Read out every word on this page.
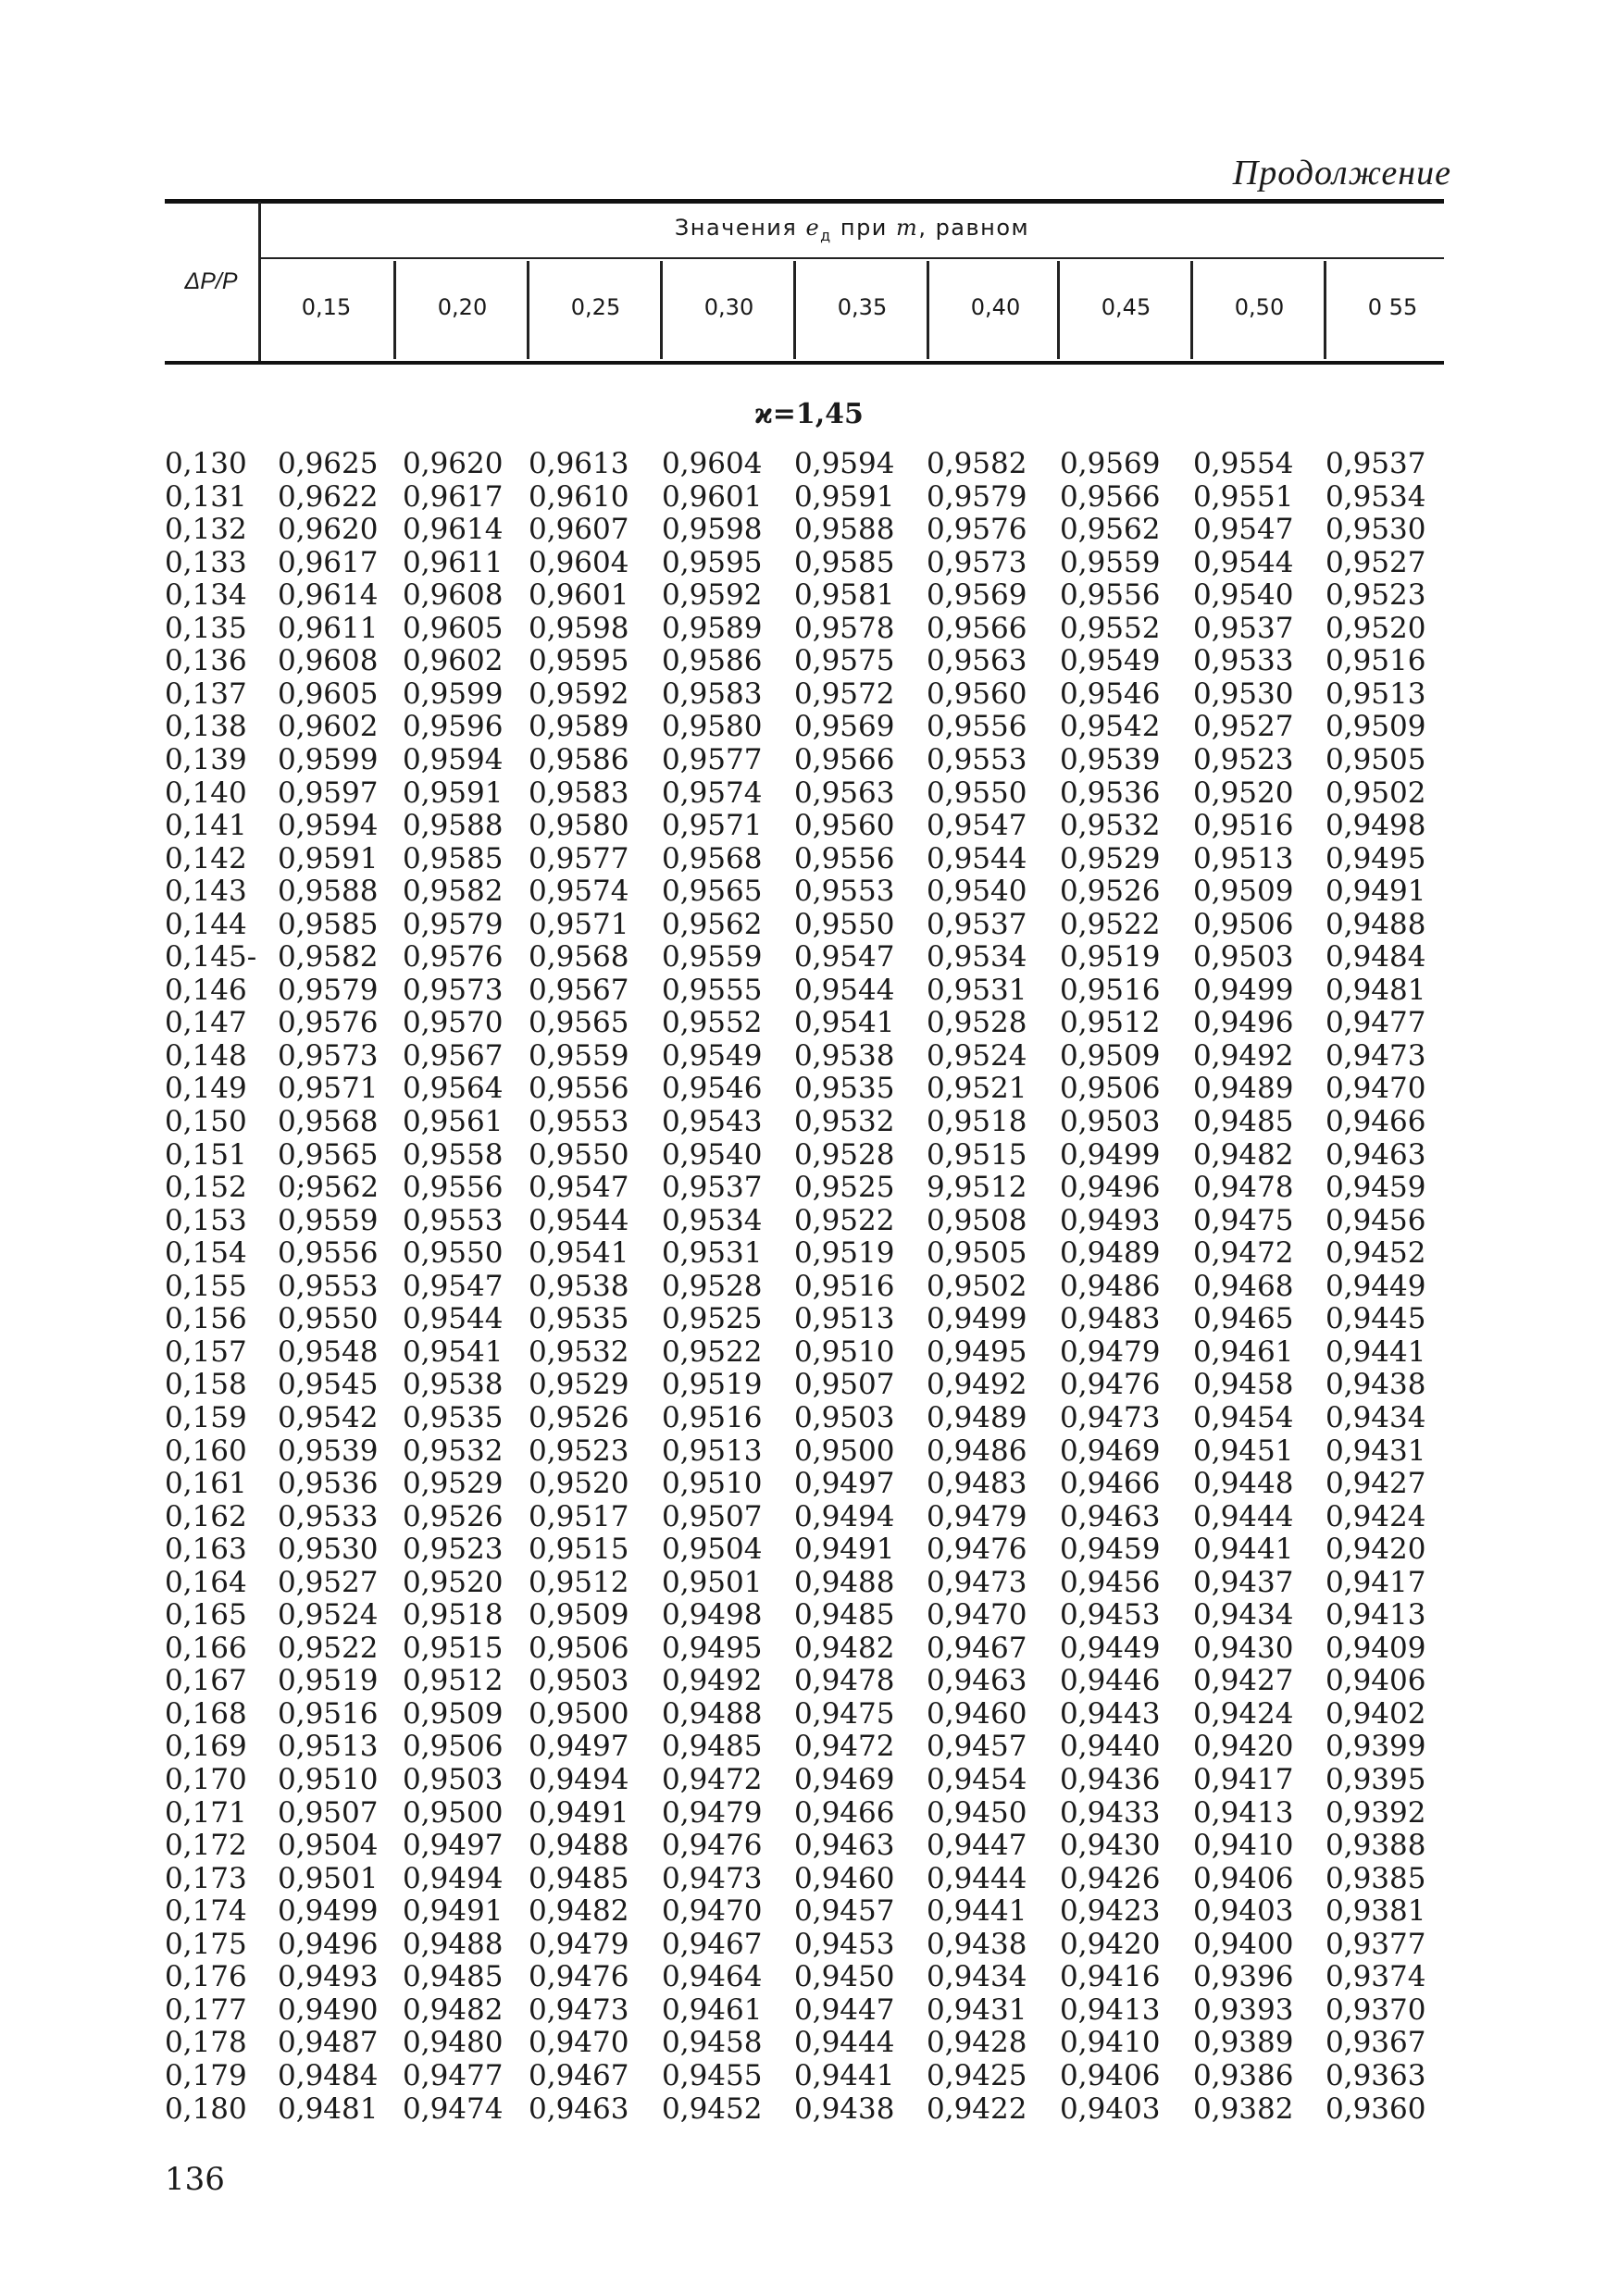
Продолжение
ΔP/P
Значения $e_д$ при m, равном
0,15	0,20	0,25	0,30	0,35	0,40	0,45	0,50	0 55
ϰ=1,45
0,130 0,9625 0,9620 0,9613 0,9604 0,9594 0,9582 0,9569 0,9554 0,9537
0,131 0,9622 0,9617 0,9610 0,9601 0,9591 0,9579 0,9566 0,9551 0,9534
0,132 0,9620 0,9614 0,9607 0,9598 0,9588 0,9576 0,9562 0,9547 0,9530
0,133 0,9617 0,9611 0,9604 0,9595 0,9585 0,9573 0,9559 0,9544 0,9527
0,134 0,9614 0,9608 0,9601 0,9592 0,9581 0,9569 0,9556 0,9540 0,9523
0,135 0,9611 0,9605 0,9598 0,9589 0,9578 0,9566 0,9552 0,9537 0,9520
0,136 0,9608 0,9602 0,9595 0,9586 0,9575 0,9563 0,9549 0,9533 0,9516
0,137 0,9605 0,9599 0,9592 0,9583 0,9572 0,9560 0,9546 0,9530 0,9513
0,138 0,9602 0,9596 0,9589 0,9580 0,9569 0,9556 0,9542 0,9527 0,9509
0,139 0,9599 0,9594 0,9586 0,9577 0,9566 0,9553 0,9539 0,9523 0,9505
0,140 0,9597 0,9591 0,9583 0,9574 0,9563 0,9550 0,9536 0,9520 0,9502
0,141 0,9594 0,9588 0,9580 0,9571 0,9560 0,9547 0,9532 0,9516 0,9498
0,142 0,9591 0,9585 0,9577 0,9568 0,9556 0,9544 0,9529 0,9513 0,9495
0,143 0,9588 0,9582 0,9574 0,9565 0,9553 0,9540 0,9526 0,9509 0,9491
0,144 0,9585 0,9579 0,9571 0,9562 0,9550 0,9537 0,9522 0,9506 0,9488
0,145- 0,9582 0,9576 0,9568 0,9559 0,9547 0,9534 0,9519 0,9503 0,9484
0,146 0,9579 0,9573 0,9567 0,9555 0,9544 0,9531 0,9516 0,9499 0,9481
0,147 0,9576 0,9570 0,9565 0,9552 0,9541 0,9528 0,9512 0,9496 0,9477
0,148 0,9573 0,9567 0,9559 0,9549 0,9538 0,9524 0,9509 0,9492 0,9473
0,149 0,9571 0,9564 0,9556 0,9546 0,9535 0,9521 0,9506 0,9489 0,9470
0,150 0,9568 0,9561 0,9553 0,9543 0,9532 0,9518 0,9503 0,9485 0,9466
0,151 0,9565 0,9558 0,9550 0,9540 0,9528 0,9515 0,9499 0,9482 0,9463
0,152 0;9562 0,9556 0,9547 0,9537 0,9525 9,9512 0,9496 0,9478 0,9459
0,153 0,9559 0,9553 0,9544 0,9534 0,9522 0,9508 0,9493 0,9475 0,9456
0,154 0,9556 0,9550 0,9541 0,9531 0,9519 0,9505 0,9489 0,9472 0,9452
0,155 0,9553 0,9547 0,9538 0,9528 0,9516 0,9502 0,9486 0,9468 0,9449
0,156 0,9550 0,9544 0,9535 0,9525 0,9513 0,9499 0,9483 0,9465 0,9445
0,157 0,9548 0,9541 0,9532 0,9522 0,9510 0,9495 0,9479 0,9461 0,9441
0,158 0,9545 0,9538 0,9529 0,9519 0,9507 0,9492 0,9476 0,9458 0,9438
0,159 0,9542 0,9535 0,9526 0,9516 0,9503 0,9489 0,9473 0,9454 0,9434
0,160 0,9539 0,9532 0,9523 0,9513 0,9500 0,9486 0,9469 0,9451 0,9431
0,161 0,9536 0,9529 0,9520 0,9510 0,9497 0,9483 0,9466 0,9448 0,9427
0,162 0,9533 0,9526 0,9517 0,9507 0,9494 0,9479 0,9463 0,9444 0,9424
0,163 0,9530 0,9523 0,9515 0,9504 0,9491 0,9476 0,9459 0,9441 0,9420
0,164 0,9527 0,9520 0,9512 0,9501 0,9488 0,9473 0,9456 0,9437 0,9417
0,165 0,9524 0,9518 0,9509 0,9498 0,9485 0,9470 0,9453 0,9434 0,9413
0,166 0,9522 0,9515 0,9506 0,9495 0,9482 0,9467 0,9449 0,9430 0,9409
0,167 0,9519 0,9512 0,9503 0,9492 0,9478 0,9463 0,9446 0,9427 0,9406
0,168 0,9516 0,9509 0,9500 0,9488 0,9475 0,9460 0,9443 0,9424 0,9402
0,169 0,9513 0,9506 0,9497 0,9485 0,9472 0,9457 0,9440 0,9420 0,9399
0,170 0,9510 0,9503 0,9494 0,9472 0,9469 0,9454 0,9436 0,9417 0,9395
0,171 0,9507 0,9500 0,9491 0,9479 0,9466 0,9450 0,9433 0,9413 0,9392
0,172 0,9504 0,9497 0,9488 0,9476 0,9463 0,9447 0,9430 0,9410 0,9388
0,173 0,9501 0,9494 0,9485 0,9473 0,9460 0,9444 0,9426 0,9406 0,9385
0,174 0,9499 0,9491 0,9482 0,9470 0,9457 0,9441 0,9423 0,9403 0,9381
0,175 0,9496 0,9488 0,9479 0,9467 0,9453 0,9438 0,9420 0,9400 0,9377
0,176 0,9493 0,9485 0,9476 0,9464 0,9450 0,9434 0,9416 0,9396 0,9374
0,177 0,9490 0,9482 0,9473 0,9461 0,9447 0,9431 0,9413 0,9393 0,9370
0,178 0,9487 0,9480 0,9470 0,9458 0,9444 0,9428 0,9410 0,9389 0,9367
0,179 0,9484 0,9477 0,9467 0,9455 0,9441 0,9425 0,9406 0,9386 0,9363
0,180 0,9481 0,9474 0,9463 0,9452 0,9438 0,9422 0,9403 0,9382 0,9360
136
